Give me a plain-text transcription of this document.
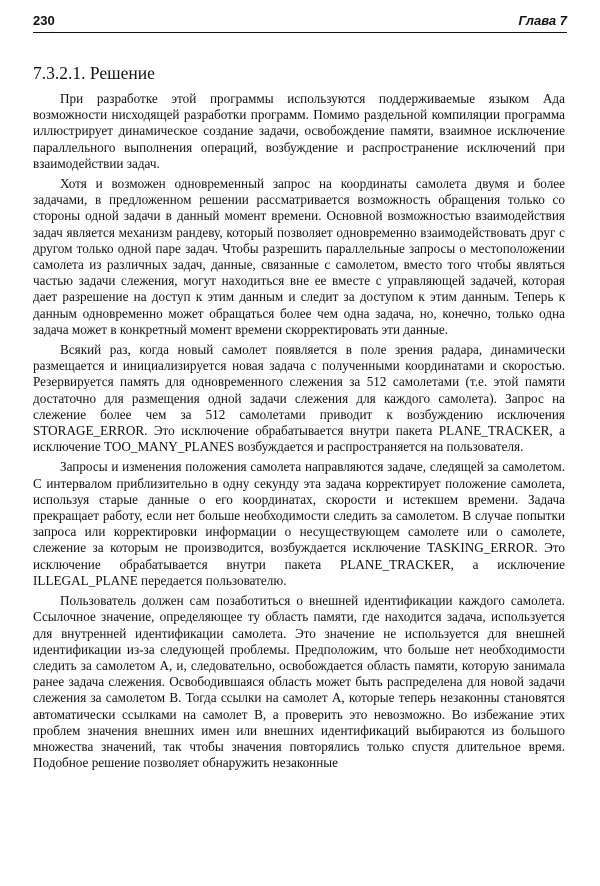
230	Глава 7
7.3.2.1. Решение

При разработке этой программы используются поддерживаемые языком Ада возможности нисходящей разработки программ. Помимо раздельной компиляции программа иллюстрирует динамическое создание задачи, освобождение памяти, взаимное исключение параллельного выполнения операций, возбуждение и распространение исключений при взаимодействии задач.

Хотя и возможен одновременный запрос на координаты самолета двумя и более задачами, в предложенном решении рассматривается возможность обращения только со стороны одной задачи в данный момент времени. Основной возможностью взаимодействия задач является механизм рандеву, который позволяет одновременно взаимодействовать друг с другом только одной паре задач. Чтобы разрешить параллельные запросы о местоположении самолета из различных задач, данные, связанные с самолетом, вместо того чтобы являться частью задачи слежения, могут находиться вне ее вместе с управляющей задачей, которая дает разрешение на доступ к этим данным и следит за доступом к этим данным. Теперь к данным одновременно может обращаться более чем одна задача, но, конечно, только одна задача может в конкретный момент времени скорректировать эти данные.

Всякий раз, когда новый самолет появляется в поле зрения радара, динамически размещается и инициализируется новая задача с полученными координатами и скоростью. Резервируется память для одновременного слежения за 512 самолетами (т.е. этой памяти достаточно для размещения одной задачи слежения для каждого самолета). Запрос на слежение более чем за 512 самолетами приводит к возбуждению исключения STORAGE_ERROR. Это исключение обрабатывается внутри пакета PLANE_TRACKER, а исключение TOO_MANY_PLANES возбуждается и распространяется на пользователя.

Запросы и изменения положения самолета направляются задаче, следящей за самолетом. С интервалом приблизительно в одну секунду эта задача корректирует положение самолета, используя старые данные о его координатах, скорости и истекшем времени. Задача прекращает работу, если нет больше необходимости следить за самолетом. В случае попытки запроса или корректировки информации о несуществующем самолете или о самолете, слежение за которым не производится, возбуждается исключение TASKING_ERROR. Это исключение обрабатывается внутри пакета PLANE_TRACKER, а исключение ILLEGAL_PLANE передается пользователю.

Пользователь должен сам позаботиться о внешней идентификации каждого самолета. Ссылочное значение, определяющее ту область памяти, где находится задача, используется для внутренней идентификации самолета. Это значение не используется для внешней идентификации из-за следующей проблемы. Предположим, что больше нет необходимости следить за самолетом A, и, следовательно, освобождается область памяти, которую занимала ранее задача слежения. Освободившаяся область может быть распределена для новой задачи слежения за самолетом B. Тогда ссылки на самолет A, которые теперь незаконны становятся автоматически ссылками на самолет B, а проверить это невозможно. Во избежание этих проблем значения внешних имен или внешних идентификаций выбираются из большого множества значений, так чтобы значения повторялись только спустя длительное время. Подобное решение позволяет обнаружить незаконные
